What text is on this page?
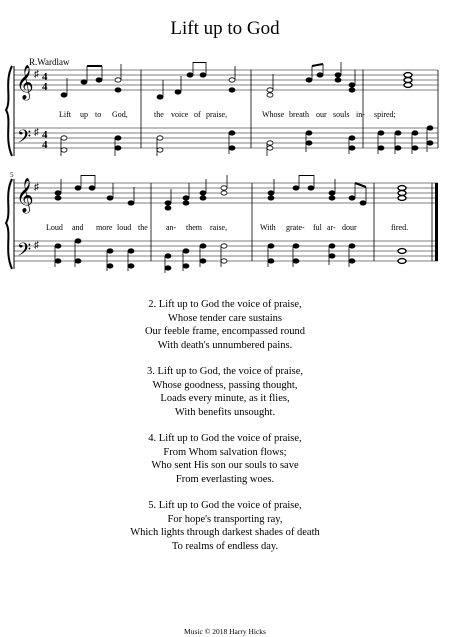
Lift up to God
R.Wardlaw
𝄞
𝄢
♯
♯
4
4
4
4
Lift up to God,	the voice of praise,	Whose breath our souls in- spired;
5
𝄞
𝄢
♯
♯
Loud and more loud the an- them raise,	With grate- ful ar- dour	fired.
2. Lift up to God the voice of praise,
Whose tender care sustains
Our feeble frame, encompassed round
With death's unnumbered pains.
3. Lift up to God, the voice of praise,
Whose goodness, passing thought,
Loads every minute, as it flies,
With benefits unsought.
4. Lift up to God the voice of praise,
From Whom salvation flows;
Who sent His son our souls to save
From everlasting woes.
5. Lift up to God the voice of praise,
For hope's transporting ray,
Which lights through darkest shades of death
To realms of endless day.
Music © 2018 Harry Hicks
